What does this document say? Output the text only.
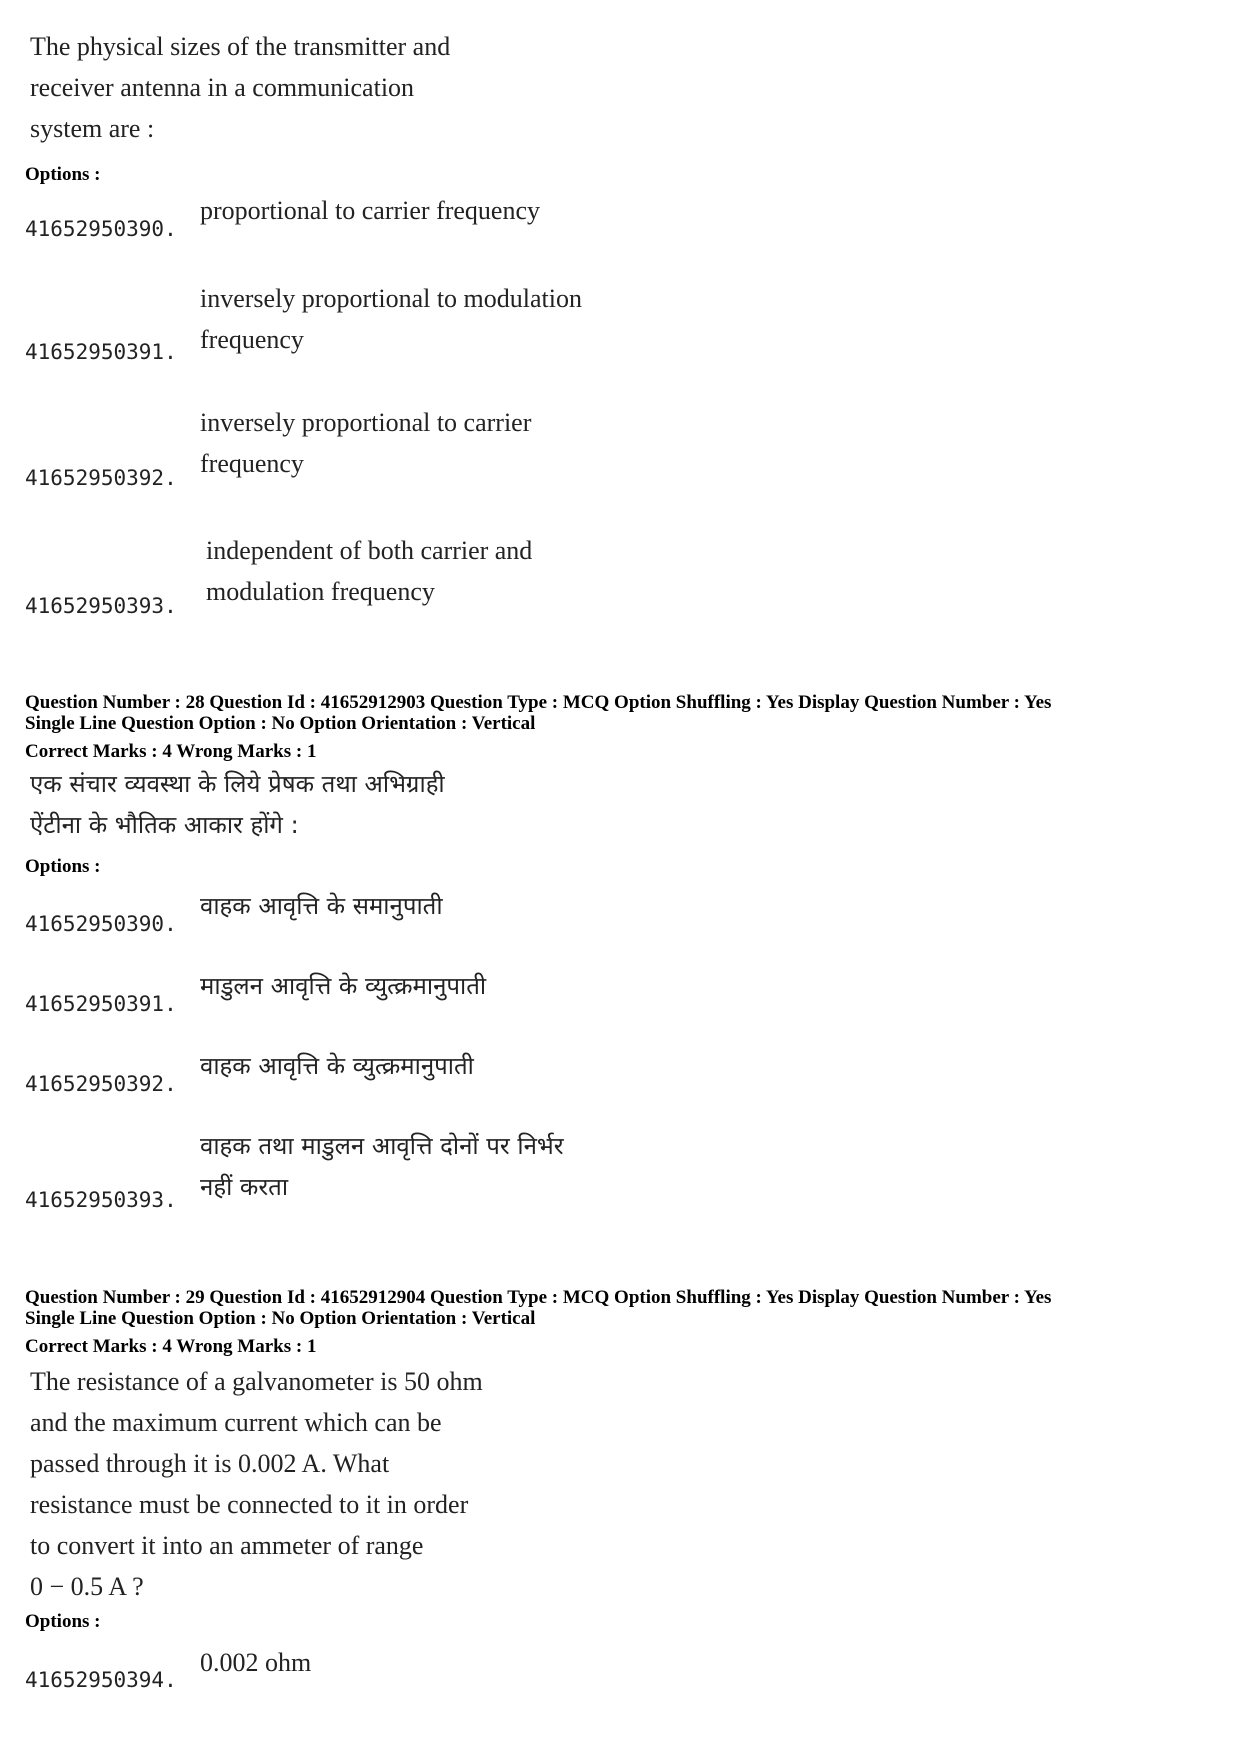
The physical sizes of the transmitter and
receiver antenna in a communication
system are :
Options :
41652950390.
proportional to carrier frequency
41652950391.
inversely proportional to modulation
frequency
41652950392.
inversely proportional to carrier
frequency
41652950393.
independent of both carrier and
modulation frequency
Question Number : 28 Question Id : 41652912903 Question Type : MCQ Option Shuffling : Yes Display Question Number : Yes
Single Line Question Option : No Option Orientation : Vertical
Correct Marks : 4 Wrong Marks : 1
एक संचार व्यवस्था के लिये प्रेषक तथा अभिग्राही
ऐंटीना के भौतिक आकार होंगे :
Options :
41652950390.
वाहक आवृत्ति के समानुपाती
41652950391.
माडुलन आवृत्ति के व्युत्क्रमानुपाती
41652950392.
वाहक आवृत्ति के व्युत्क्रमानुपाती
41652950393.
वाहक तथा माडुलन आवृत्ति दोनों पर निर्भर
नहीं करता
Question Number : 29 Question Id : 41652912904 Question Type : MCQ Option Shuffling : Yes Display Question Number : Yes
Single Line Question Option : No Option Orientation : Vertical
Correct Marks : 4 Wrong Marks : 1
The resistance of a galvanometer is 50 ohm
and the maximum current which can be
passed through it is 0.002 A. What
resistance must be connected to it in order
to convert it into an ammeter of range
0 − 0.5 A ?
Options :
41652950394.
0.002 ohm
